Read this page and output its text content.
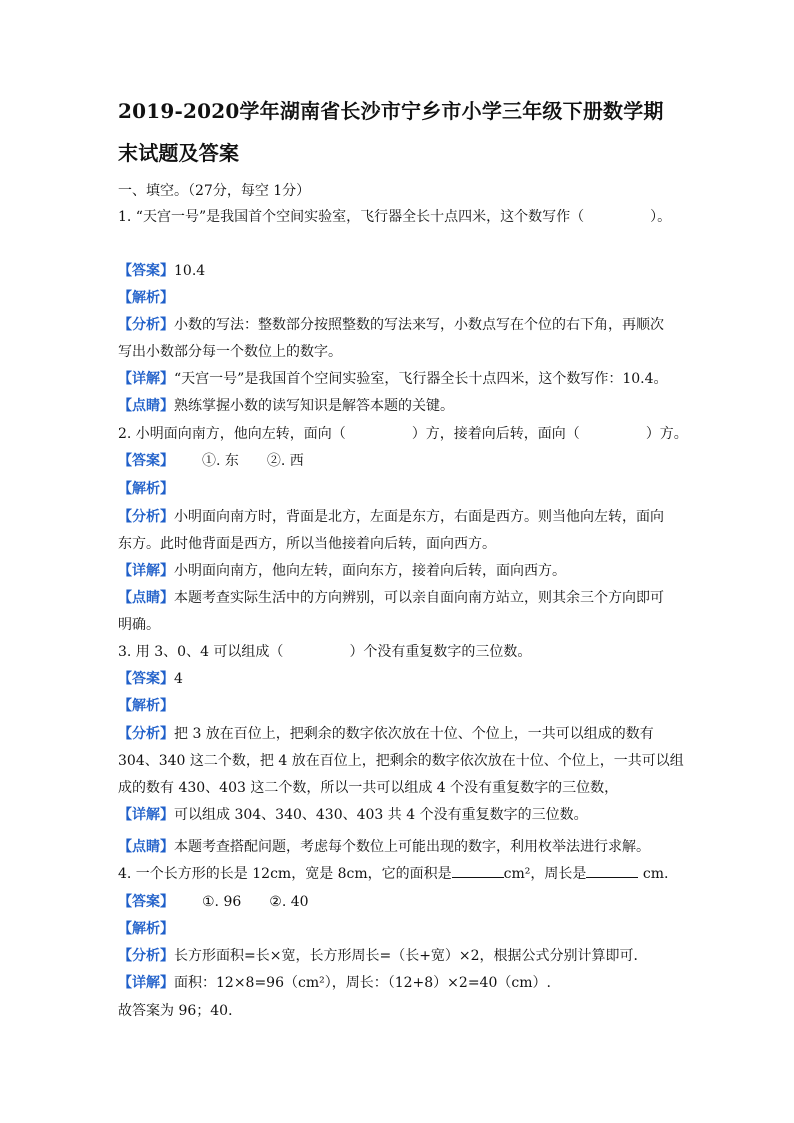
2019-2020学年湖南省长沙市宁乡市小学三年级下册数学期
末试题及答案
一、填空。（27分，每空 1分）
1. “天宫一号”是我国首个空间实验室，飞行器全长十点四米，这个数写作（	）。
【答案】10.4
【解析】
【分析】小数的写法：整数部分按照整数的写法来写，小数点写在个位的右下角，再顺次
写出小数部分每一个数位上的数字。
【详解】“天宫一号”是我国首个空间实验室，飞行器全长十点四米，这个数写作：10.4。
【点睛】熟练掌握小数的读写知识是解答本题的关键。
2. 小明面向南方，他向左转，面向（	）方，接着向后转，面向（	）方。
【答案】 ①. 东 ②. 西
【解析】
【分析】小明面向南方时，背面是北方，左面是东方，右面是西方。则当他向左转，面向
东方。此时他背面是西方，所以当他接着向后转，面向西方。
【详解】小明面向南方，他向左转，面向东方，接着向后转，面向西方。
【点睛】本题考查实际生活中的方向辨别，可以亲自面向南方站立，则其余三个方向即可
明确。
3. 用 3、0、4 可以组成（	）个没有重复数字的三位数。
【答案】4
【解析】
【分析】把 3 放在百位上，把剩余的数字依次放在十位、个位上，一共可以组成的数有
304、340 这二个数，把 4 放在百位上，把剩余的数字依次放在十位、个位上，一共可以组
成的数有 430、403 这二个数，所以一共可以组成 4 个没有重复数字的三位数，
【详解】可以组成 304、340、430、403 共 4 个没有重复数字的三位数。
【点睛】本题考查搭配问题，考虑每个数位上可能出现的数字，利用枚举法进行求解。
4. 一个长方形的长是 12cm，宽是 8cm，它的面积是	cm²，周长是	cm.
【答案】 ①. 96 ②. 40
【解析】
【分析】长方形面积=长×宽，长方形周长=（长+宽）×2，根据公式分别计算即可．
【详解】面积：12×8=96（cm²），周长：（12+8）×2=40（cm）.
故答案为 96；40．
